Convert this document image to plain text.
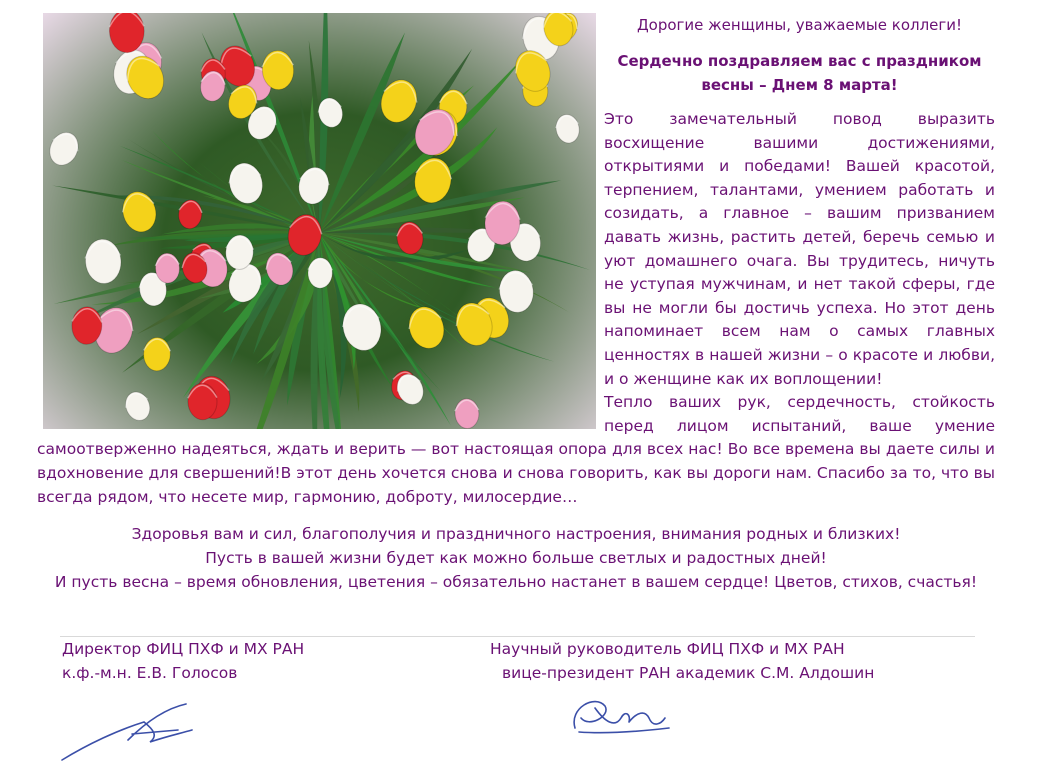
Дорогие женщины, уважаемые коллеги!

Сердечно поздравляем вас с праздником
весны – Днем 8 марта!

Это замечательный повод выразить восхищение вашими достижениями, открытиями и победами! Вашей красотой, терпением, талантами, умением работать и созидать, а главное – вашим призванием давать жизнь, растить детей, беречь семью и уют домашнего очага. Вы трудитесь, ничуть не уступая мужчинам, и нет такой сферы, где вы не могли бы достичь успеха. Но этот день напоминает всем нам о самых главных ценностях в нашей жизни – о красоте и любви, и о женщине как их воплощении!
Тепло ваших рук, сердечность, стойкость перед лицом испытаний, ваше умение самоотверженно надеяться, ждать и верить — вот настоящая опора для всех нас! Во все времена вы даете силы и вдохновение для свершений!В этот день хочется снова и снова говорить, как вы дороги нам. Спасибо за то, что вы всегда рядом, что несете мир, гармонию, доброту, милосердие…

Здоровья вам и сил, благополучия и праздничного настроения, внимания родных и близких!

Пусть в вашей жизни будет как можно больше светлых и радостных дней!

И пусть весна – время обновления, цветения – обязательно настанет в вашем сердце! Цветов, стихов, счастья!

Директор ФИЦ ПХФ и МХ РАН

к.ф.-м.н. Е.В. Голосов

Научный руководитель ФИЦ ПХФ и МХ РАН

вице-президент РАН академик С.М. Алдошин
